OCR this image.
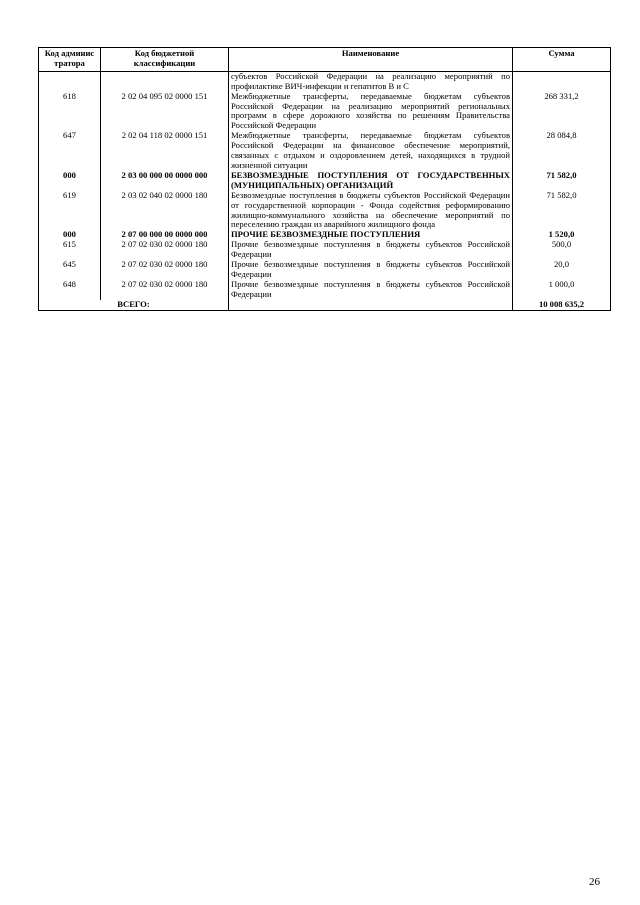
Код админис тратора	Код бюджетной классификации	Наименование	Сумма
		субъектов Российской Федерации на реализацию мероприятий по профилактике ВИЧ-инфекции и гепатитов В и С	
618	2 02 04 095 02 0000 151	Межбюджетные трансферты, передаваемые бюджетам субъектов Российской Федерации на реализацию мероприятий региональных программ в сфере дорожного хозяйства по решениям Правительства Российской Федерации	268 331,2
647	2 02 04 118 02 0000 151	Межбюджетные трансферты, передаваемые бюджетам субъектов Российской Федерации на финансовое обеспечение мероприятий, связанных с отдыхом и оздоровлением детей, находящихся в трудной жизненной ситуации	28 084,8
000	2 03 00 000 00 0000 000	БЕЗВОЗМЕЗДНЫЕ ПОСТУПЛЕНИЯ ОТ ГОСУДАРСТВЕННЫХ (МУНИЦИПАЛЬНЫХ) ОРГАНИЗАЦИЙ	71 582,0
619	2 03 02 040 02 0000 180	Безвозмездные поступления в бюджеты субъектов Российской Федерации от государственной корпорации - Фонда содействия реформированию жилищно-коммунального хозяйства на обеспечение мероприятий по переселению граждан из аварийного жилищного фонда	71 582,0
000	2 07 00 000 00 0000 000	ПРОЧИЕ БЕЗВОЗМЕЗДНЫЕ ПОСТУПЛЕНИЯ	1 520,0
615	2 07 02 030 02 0000 180	Прочие безвозмездные поступления в бюджеты субъектов Российской Федерации	500,0
645	2 07 02 030 02 0000 180	Прочие безвозмездные поступления в бюджеты субъектов Российской Федерации	20,0
648	2 07 02 030 02 0000 180	Прочие безвозмездные поступления в бюджеты субъектов Российской Федерации	1 000,0
ВСЕГО:			10 008 635,2
26
